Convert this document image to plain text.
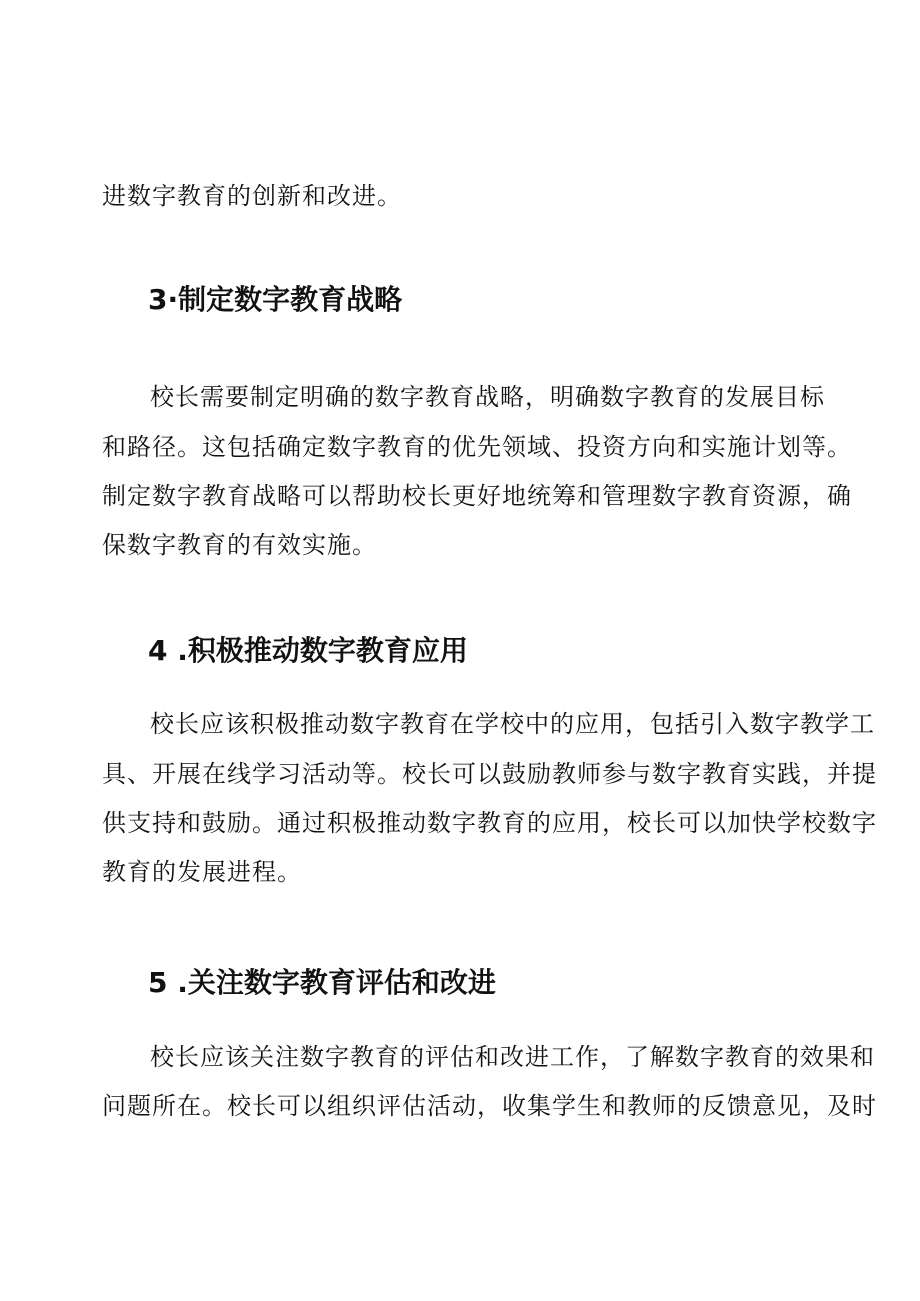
进数字教育的创新和改进。
3·制定数字教育战略
校长需要制定明确的数字教育战略，明确数字教育的发展目标
和路径。这包括确定数字教育的优先领域、投资方向和实施计划等。
制定数字教育战略可以帮助校长更好地统筹和管理数字教育资源，确
保数字教育的有效实施。
4 .积极推动数字教育应用
校长应该积极推动数字教育在学校中的应用，包括引入数字教学工
具、开展在线学习活动等。校长可以鼓励教师参与数字教育实践，并提
供支持和鼓励。通过积极推动数字教育的应用，校长可以加快学校数字
教育的发展进程。
5 .关注数字教育评估和改进
校长应该关注数字教育的评估和改进工作，了解数字教育的效果和
问题所在。校长可以组织评估活动，收集学生和教师的反馈意见，及时
